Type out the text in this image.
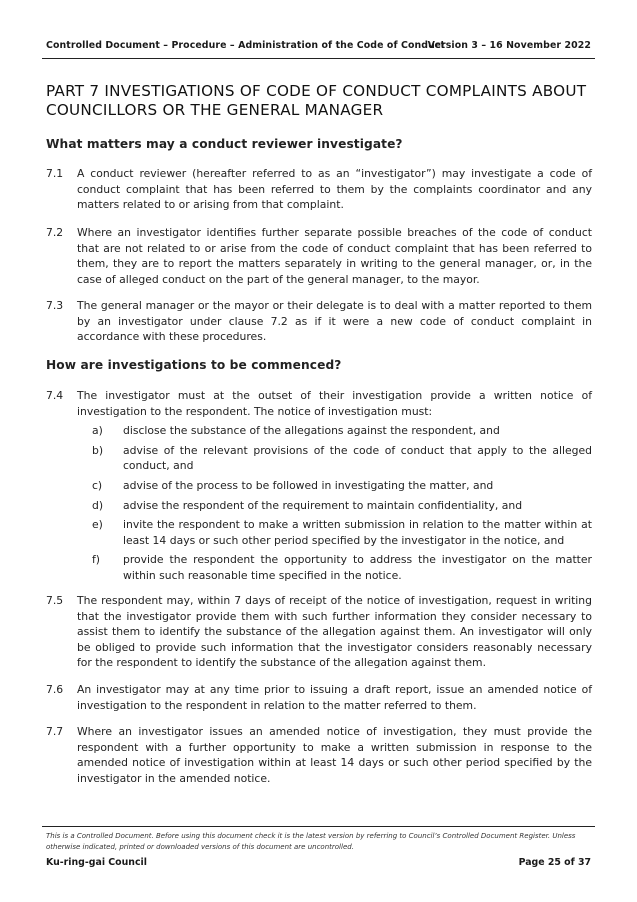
Controlled Document – Procedure – Administration of the Code of Conduct
Version 3 – 16 November 2022
PART 7 INVESTIGATIONS OF CODE OF CONDUCT COMPLAINTS ABOUT COUNCILLORS OR THE GENERAL MANAGER
What matters may a conduct reviewer investigate?
7.1 A conduct reviewer (hereafter referred to as an “investigator”) may investigate a code of conduct complaint that has been referred to them by the complaints coordinator and any matters related to or arising from that complaint.
7.2 Where an investigator identifies further separate possible breaches of the code of conduct that are not related to or arise from the code of conduct complaint that has been referred to them, they are to report the matters separately in writing to the general manager, or, in the case of alleged conduct on the part of the general manager, to the mayor.
7.3 The general manager or the mayor or their delegate is to deal with a matter reported to them by an investigator under clause 7.2 as if it were a new code of conduct complaint in accordance with these procedures.
How are investigations to be commenced?
7.4 The investigator must at the outset of their investigation provide a written notice of investigation to the respondent. The notice of investigation must:
a) disclose the substance of the allegations against the respondent, and
b) advise of the relevant provisions of the code of conduct that apply to the alleged conduct, and
c) advise of the process to be followed in investigating the matter, and
d) advise the respondent of the requirement to maintain confidentiality, and
e) invite the respondent to make a written submission in relation to the matter within at least 14 days or such other period specified by the investigator in the notice, and
f) provide the respondent the opportunity to address the investigator on the matter within such reasonable time specified in the notice.
7.5 The respondent may, within 7 days of receipt of the notice of investigation, request in writing that the investigator provide them with such further information they consider necessary to assist them to identify the substance of the allegation against them. An investigator will only be obliged to provide such information that the investigator considers reasonably necessary for the respondent to identify the substance of the allegation against them.
7.6 An investigator may at any time prior to issuing a draft report, issue an amended notice of investigation to the respondent in relation to the matter referred to them.
7.7 Where an investigator issues an amended notice of investigation, they must provide the respondent with a further opportunity to make a written submission in response to the amended notice of investigation within at least 14 days or such other period specified by the investigator in the amended notice.

This is a Controlled Document. Before using this document check it is the latest version by referring to Council’s Controlled Document Register. Unless otherwise indicated, printed or downloaded versions of this document are uncontrolled.

Ku-ring-gai Council	Page 25 of 37
